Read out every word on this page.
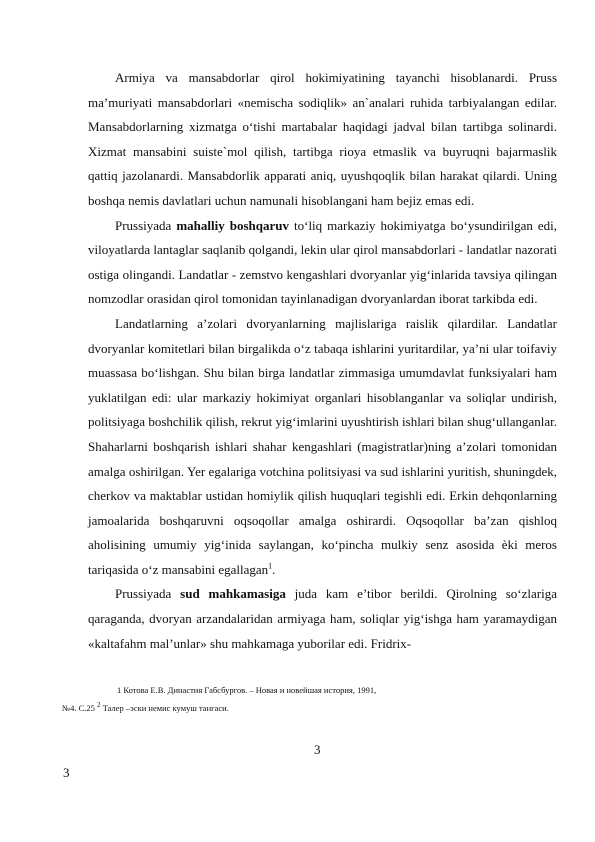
Armiya va mansabdorlar qirol hokimiyatining tayanchi hisoblanardi. Pruss ma’muriyati mansabdorlari «nemischa sodiqlik» an`analari ruhida tarbiyalangan edilar. Mansabdorlarning xizmatga o‘tishi martabalar haqidagi jadval bilan tartibga solinardi. Xizmat mansabini suiste`mol qilish, tartibga rioya etmaslik va buyruqni bajarmaslik qattiq jazolanardi. Mansabdorlik apparati aniq, uyushqoqlik bilan harakat qilardi. Uning boshqa nemis davlatlari uchun namunali hisoblangani ham bejiz emas edi.

Prussiyada mahalliy boshqaruv to‘liq markaziy hokimiyatga bo‘ysundirilgan edi, viloyatlarda lantaglar saqlanib qolgandi, lekin ular qirol mansabdorlari - landatlar nazorati ostiga olingandi. Landatlar - zemstvo kengashlari dvoryanlar yig‘inlarida tavsiya qilingan nomzodlar orasidan qirol tomonidan tayinlanadigan dvoryanlardan iborat tarkibda edi.

Landatlarning a’zolari dvoryanlarning majlislariga raislik qilardilar. Landatlar dvoryanlar komitetlari bilan birgalikda o‘z tabaqa ishlarini yuritardilar, ya’ni ular toifaviy muassasa bo‘lishgan. Shu bilan birga landatlar zimmasiga umumdavlat funksiyalari ham yuklatilgan edi: ular markaziy hokimiyat organlari hisoblanganlar va soliqlar undirish, politsiyaga boshchilik qilish, rekrut yig‘imlarini uyushtirish ishlari bilan shug‘ullanganlar. Shaharlarni boshqarish ishlari shahar kengashlari (magistratlar)ning a’zolari tomonidan amalga oshirilgan. Yer egalariga votchina politsiyasi va sud ishlarini yuritish, shuningdek, cherkov va maktablar ustidan homiylik qilish huquqlari tegishli edi. Erkin dehqonlarning jamoalarida boshqaruvni oqsoqollar amalga oshirardi. Oqsoqollar ba’zan qishloq aholisining umumiy yig‘inida saylangan, ko‘pincha mulkiy senz asosida èki meros tariqasida o‘z mansabini egallagan$^1$.

Prussiyada sud mahkamasiga juda kam e’tibor berildi. Qirolning so‘zlariga qaraganda, dvoryan arzandalaridan armiyaga ham, soliqlar yig‘ishga ham yaramaydigan «kaltafahm mal’unlar» shu mahkamaga yuborilar edi. Fridrix-

1 Котова Е.В. Династия Габсбургов. – Новая и новейшая история, 1991,
№4. С.25 $^2$ Талер –эски немис кумуш тангаси.
3
3
